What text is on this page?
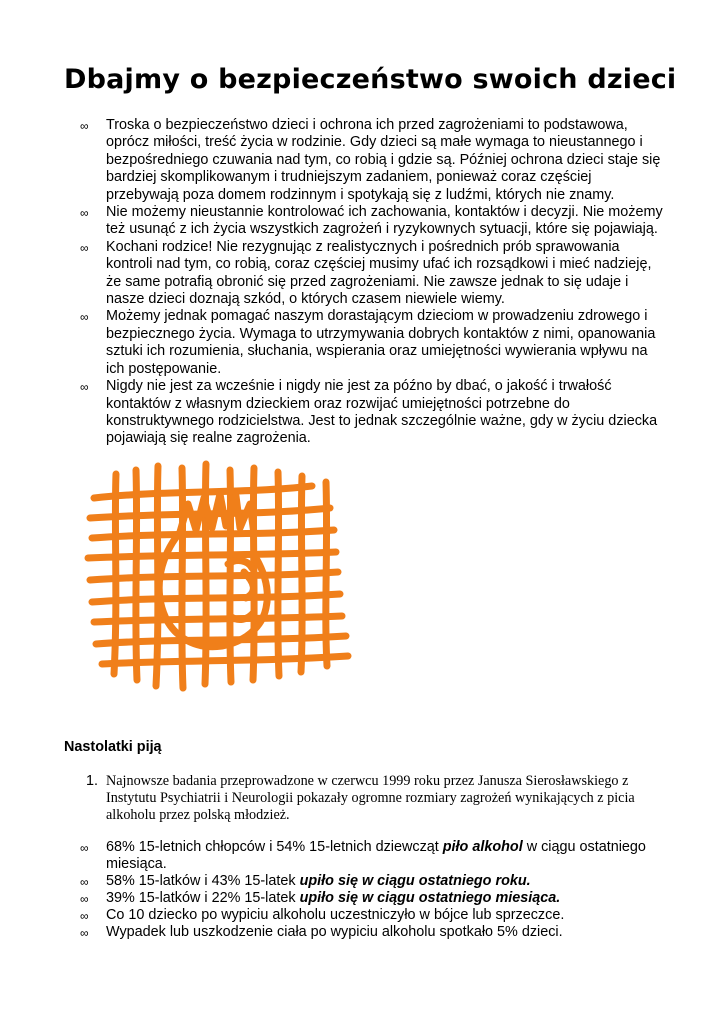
Dbajmy o bezpieczeństwo swoich dzieci
∞ Troska o bezpieczeństwo dzieci i ochrona ich przed zagrożeniami to podstawowa, oprócz miłości, treść życia w rodzinie. Gdy dzieci są małe wymaga to nieustannego i bezpośredniego czuwania nad tym, co robią i gdzie są. Później ochrona dzieci staje się bardziej skomplikowanym i trudniejszym zadaniem, ponieważ coraz częściej przebywają poza domem rodzinnym i spotykają się z ludźmi, których nie znamy.
∞ Nie możemy nieustannie kontrolować ich zachowania, kontaktów i decyzji. Nie możemy też usunąć z ich życia wszystkich zagrożeń i ryzykownych sytuacji, które się pojawiają.
∞ Kochani rodzice! Nie rezygnując z realistycznych i pośrednich prób sprawowania kontroli nad tym, co robią, coraz częściej musimy ufać ich rozsądkowi i mieć nadzieję, że same potrafią obronić się przed zagrożeniami. Nie zawsze jednak to się udaje i nasze dzieci doznają szkód, o których czasem niewiele wiemy.
∞ Możemy jednak pomagać naszym dorastającym dzieciom w prowadzeniu zdrowego i bezpiecznego życia. Wymaga to utrzymywania dobrych kontaktów z nimi, opanowania sztuki ich rozumienia, słuchania, wspierania oraz umiejętności wywierania wpływu na ich postępowanie.
∞ Nigdy nie jest za wcześnie i nigdy nie jest za późno by dbać, o jakość i trwałość kontaktów z własnym dzieckiem oraz rozwijać umiejętności potrzebne do konstruktywnego rodzicielstwa. Jest to jednak szczególnie ważne, gdy w życiu dziecka pojawiają się realne zagrożenia.
Nastolatki piją
1. Najnowsze badania przeprowadzone w czerwcu 1999 roku przez Janusza Sierosławskiego z Instytutu Psychiatrii i Neurologii pokazały ogromne rozmiary zagrożeń wynikających z picia alkoholu przez polską młodzież.
∞ 68% 15-letnich chłopców i 54% 15-letnich dziewcząt piło alkohol w ciągu ostatniego miesiąca.
∞ 58% 15-latków i 43% 15-latek upiło się w ciągu ostatniego roku.
∞ 39% 15-latków i 22% 15-latek upiło się w ciągu ostatniego miesiąca.
∞ Co 10 dziecko po wypiciu alkoholu uczestniczyło w bójce lub sprzeczce.
∞ Wypadek lub uszkodzenie ciała po wypiciu alkoholu spotkało 5% dzieci.
